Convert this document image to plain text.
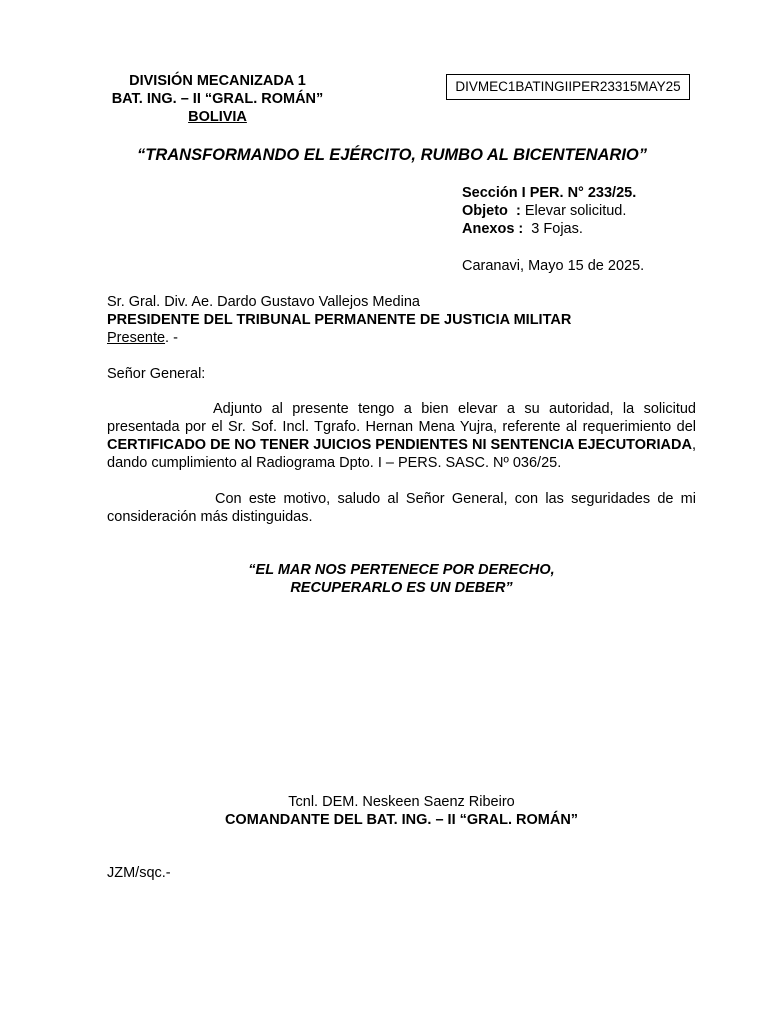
DIVISIÓN MECANIZADA 1
BAT. ING. – II “GRAL. ROMÁN”
BOLIVIA
DIVMEC1BATINGIIPER23315MAY25
“TRANSFORMANDO EL EJÉRCITO, RUMBO AL BICENTENARIO”
Sección I PER. N° 233/25.
Objeto  : Elevar solicitud.
Anexos : 3 Fojas.
Caranavi, Mayo 15 de 2025.
Sr. Gral. Div. Ae. Dardo Gustavo Vallejos Medina
PRESIDENTE DEL TRIBUNAL PERMANENTE DE JUSTICIA MILITAR
Presente. -
Señor General:
Adjunto al presente tengo a bien elevar a su autoridad, la solicitud presentada por el Sr. Sof. Incl. Tgrafo. Hernan Mena Yujra, referente al requerimiento del CERTIFICADO DE NO TENER JUICIOS PENDIENTES NI SENTENCIA EJECUTORIADA, dando cumplimiento al Radiograma Dpto. I – PERS. SASC. Nº 036/25.
Con este motivo, saludo al Señor General, con las seguridades de mi consideración más distinguidas.
“EL MAR NOS PERTENECE POR DERECHO,
RECUPERARLO ES UN DEBER”
Tcnl. DEM. Neskeen Saenz Ribeiro
COMANDANTE DEL BAT. ING. – II “GRAL. ROMÁN”
JZM/sqc.-
